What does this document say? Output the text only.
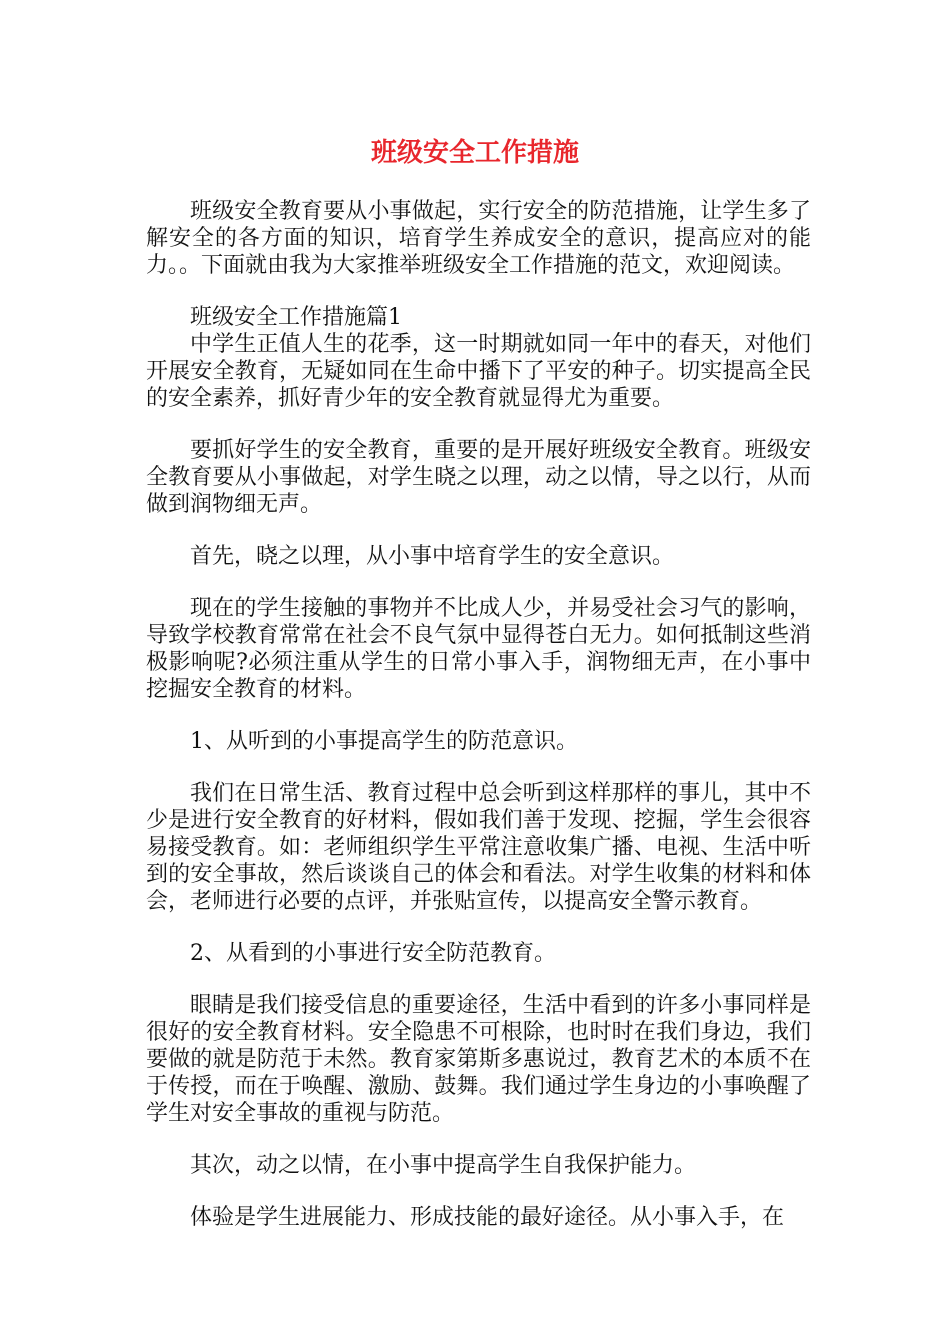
班级安全工作措施

班级安全教育要从小事做起，实行安全的防范措施，让学生多了解安全的各方面的知识，培育学生养成安全的意识，提高应对的能力。。下面就由我为大家推举班级安全工作措施的范文，欢迎阅读。

班级安全工作措施篇1

中学生正值人生的花季，这一时期就如同一年中的春天，对他们开展安全教育，无疑如同在生命中播下了平安的种子。切实提高全民的安全素养，抓好青少年的安全教育就显得尤为重要。

要抓好学生的安全教育，重要的是开展好班级安全教育。班级安全教育要从小事做起，对学生晓之以理，动之以情，导之以行，从而做到润物细无声。

首先，晓之以理，从小事中培育学生的安全意识。

现在的学生接触的事物并不比成人少，并易受社会习气的影响，导致学校教育常常在社会不良气氛中显得苍白无力。如何抵制这些消极影响呢?必须注重从学生的日常小事入手，润物细无声，在小事中挖掘安全教育的材料。

1、从听到的小事提高学生的防范意识。

我们在日常生活、教育过程中总会听到这样那样的事儿，其中不少是进行安全教育的好材料，假如我们善于发现、挖掘，学生会很容易接受教育。如：老师组织学生平常注意收集广播、电视、生活中听到的安全事故，然后谈谈自己的体会和看法。对学生收集的材料和体会，老师进行必要的点评，并张贴宣传，以提高安全警示教育。

2、从看到的小事进行安全防范教育。

眼睛是我们接受信息的重要途径，生活中看到的许多小事同样是很好的安全教育材料。安全隐患不可根除，也时时在我们身边，我们要做的就是防范于未然。教育家第斯多惠说过，教育艺术的本质不在于传授，而在于唤醒、激励、鼓舞。我们通过学生身边的小事唤醒了学生对安全事故的重视与防范。

其次，动之以情，在小事中提高学生自我保护能力。

体验是学生进展能力、形成技能的最好途径。从小事入手，在
